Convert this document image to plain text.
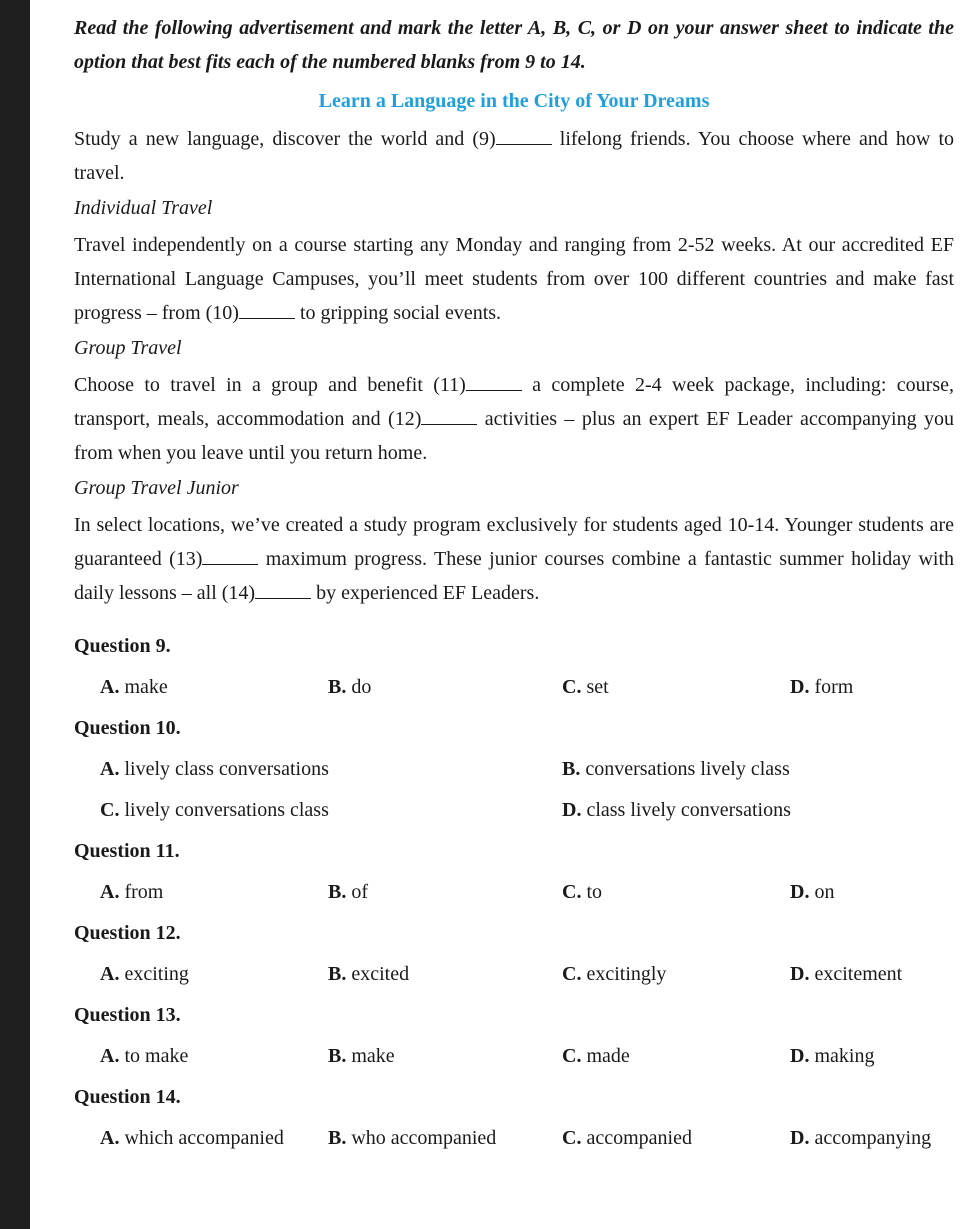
Read the following advertisement and mark the letter A, B, C, or D on your answer sheet to indicate the option that best fits each of the numbered blanks from 9 to 14.
Learn a Language in the City of Your Dreams
Study a new language, discover the world and (9)	lifelong friends. You choose where and how to travel.
Individual Travel
Travel independently on a course starting any Monday and ranging from 2-52 weeks. At our accredited EF International Language Campuses, you’ll meet students from over 100 different countries and make fast progress – from (10)	to gripping social events.
Group Travel
Choose to travel in a group and benefit (11)	a complete 2-4 week package, including: course, transport, meals, accommodation and (12)	activities – plus an expert EF Leader accompanying you from when you leave until you return home.
Group Travel Junior
In select locations, we’ve created a study program exclusively for students aged 10-14. Younger students are guaranteed (13)	maximum progress. These junior courses combine a fantastic summer holiday with daily lessons – all (14)	by experienced EF Leaders.
Question 9.
A. make	B. do	C. set	D. form
Question 10.
A. lively class conversations	B. conversations lively class
C. lively conversations class	D. class lively conversations
Question 11.
A. from	B. of	C. to	D. on
Question 12.
A. exciting	B. excited	C. excitingly	D. excitement
Question 13.
A. to make	B. make	C. made	D. making
Question 14.
A. which accompanied B. who accompanied	C. accompanied	D. accompanying
